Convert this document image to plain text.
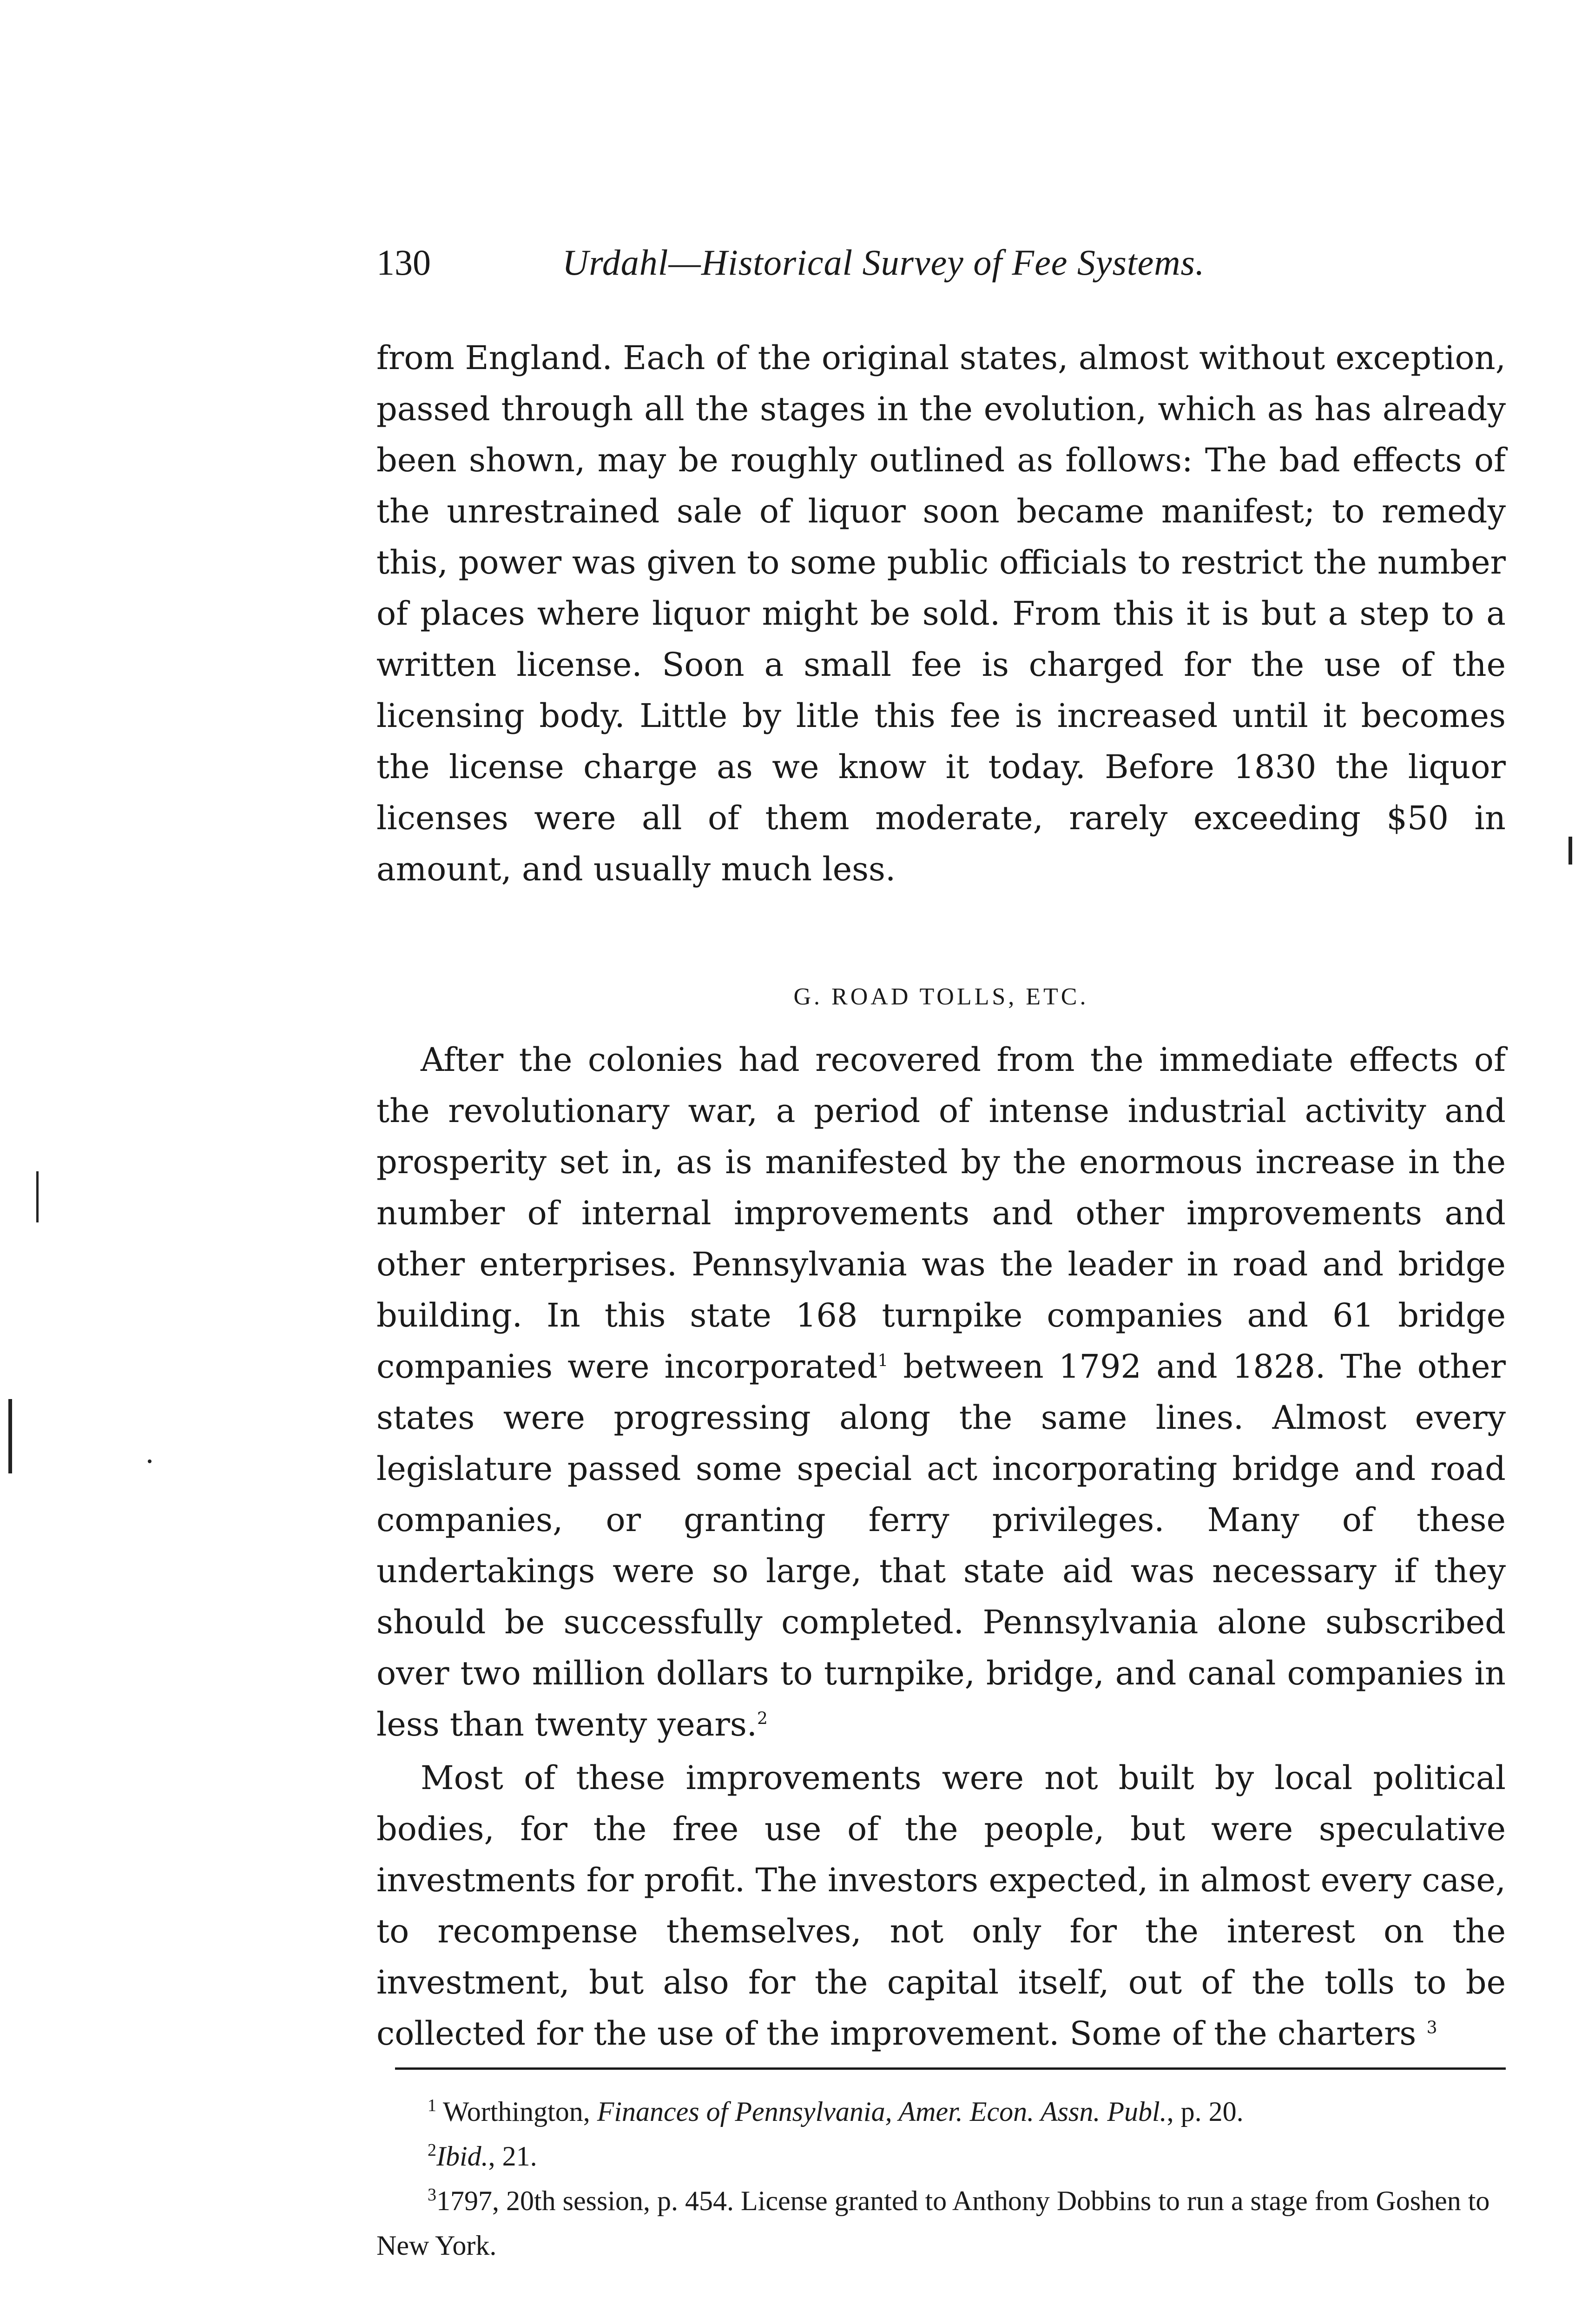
130	Urdahl—Historical Survey of Fee Systems.

from England. Each of the original states, almost without exception, passed through all the stages in the evolution, which as has already been shown, may be roughly outlined as follows: The bad effects of the unrestrained sale of liquor soon became manifest; to remedy this, power was given to some public officials to restrict the number of places where liquor might be sold. From this it is but a step to a written license. Soon a small fee is charged for the use of the licensing body. Little by litle this fee is increased until it becomes the license charge as we know it today. Before 1830 the liquor licenses were all of them moderate, rarely exceeding $50 in amount, and usually much less.

G. ROAD TOLLS, ETC.

After the colonies had recovered from the immediate effects of the revolutionary war, a period of intense industrial activity and prosperity set in, as is manifested by the enormous increase in the number of internal improvements and other improvements and other enterprises. Pennsylvania was the leader in road and bridge building. In this state 168 turnpike companies and 61 bridge companies were incorporated$^1$ between 1792 and 1828. The other states were progressing along the same lines. Almost every legislature passed some special act incorporating bridge and road companies, or granting ferry privileges. Many of these undertakings were so large, that state aid was necessary if they should be successfully completed. Pennsylvania alone subscribed over two million dollars to turnpike, bridge, and canal companies in less than twenty years.$^2$

Most of these improvements were not built by local political bodies, for the free use of the people, but were speculative investments for profit. The investors expected, in almost every case, to recompense themselves, not only for the interest on the investment, but also for the capital itself, out of the tolls to be collected for the use of the improvement. Some of the charters $^3$

$^1$ Worthington, Finances of Pennsylvania, Amer. Econ. Assn. Publ., p. 20.

$^2$Ibid., 21.

$^3$1797, 20th session, p. 454. License granted to Anthony Dobbins to run a stage from Goshen to New York.
